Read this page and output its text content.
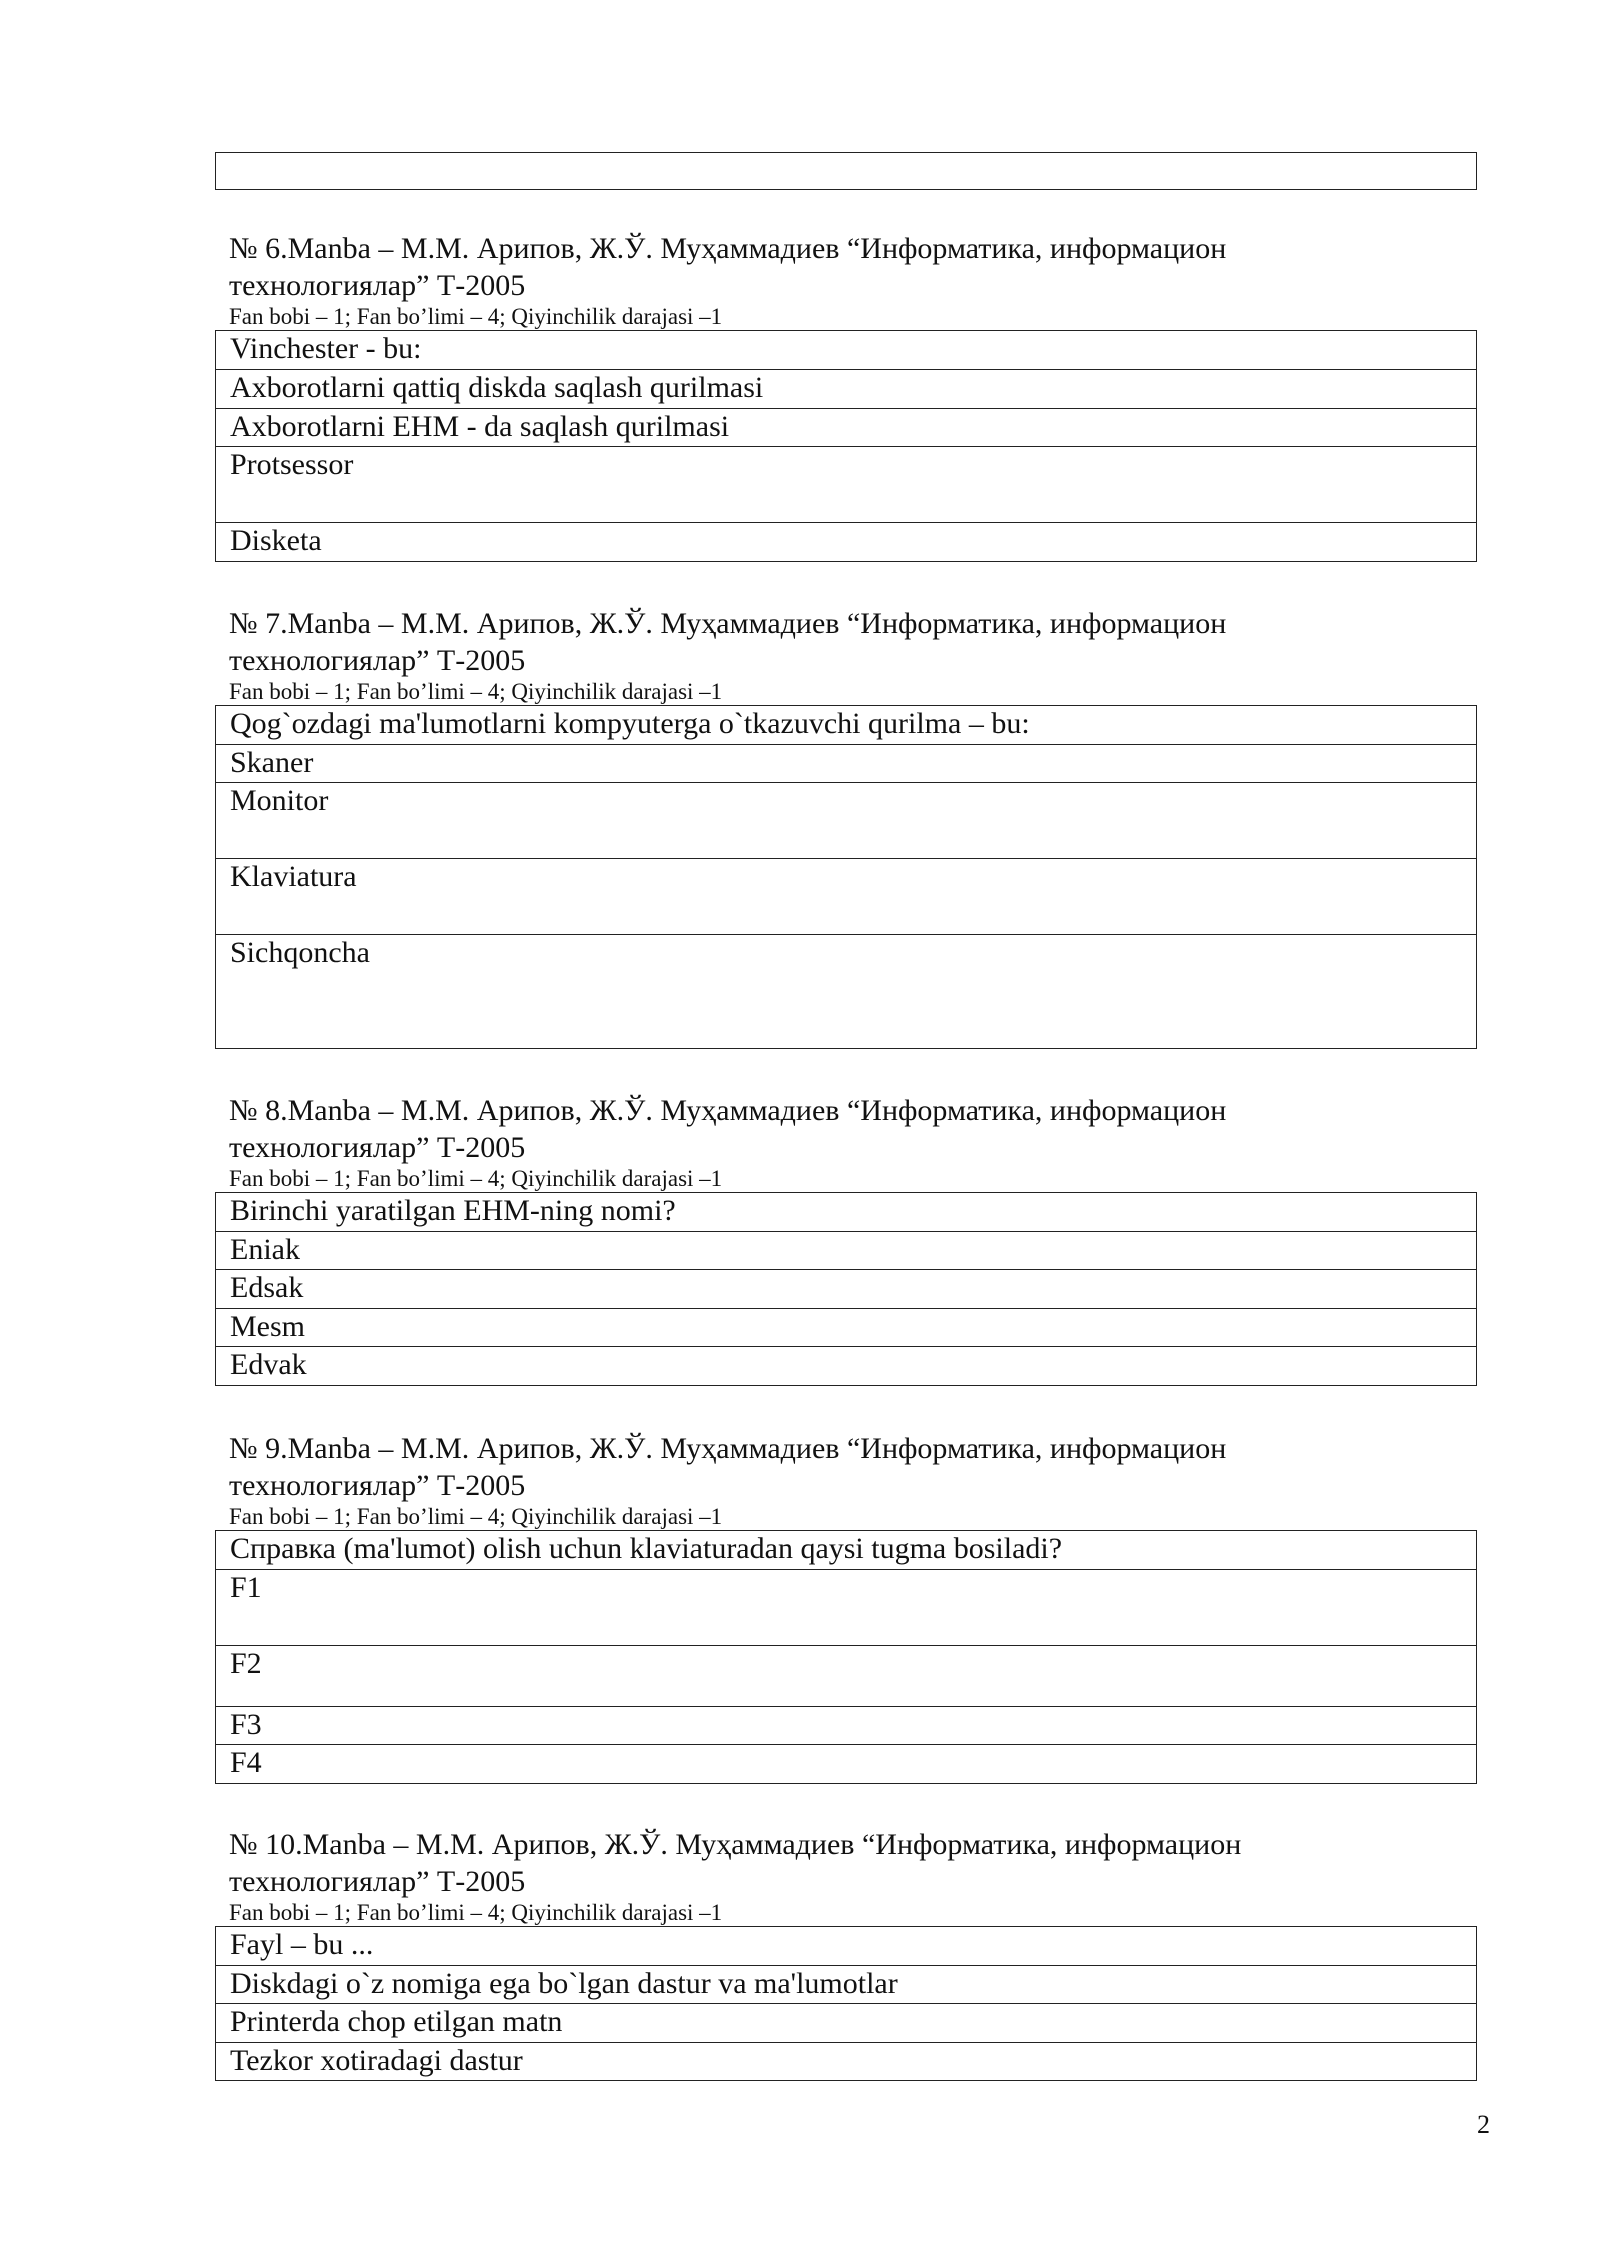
№ 6.Manba – М.М. Арипов, Ж.Ў. Муҳаммадиев “Информатика, информацион
технологиялар” Т-2005
Fan bobi – 1; Fan bo’limi – 4; Qiyinchilik darajasi –1
Vinchester - bu:
Axborotlarni qattiq diskda saqlash qurilmasi
Axborotlarni EHM - da saqlash qurilmasi
Protsessor
Disketa
№ 7.Manba – М.М. Арипов, Ж.Ў. Муҳаммадиев “Информатика, информацион
технологиялар” Т-2005
Fan bobi – 1; Fan bo’limi – 4; Qiyinchilik darajasi –1
Qog`ozdagi ma'lumotlarni kompyuterga o`tkazuvchi qurilma – bu:
Skaner
Monitor
Klaviatura
Sichqoncha
№ 8.Manba – М.М. Арипов, Ж.Ў. Муҳаммадиев “Информатика, информацион
технологиялар” Т-2005
Fan bobi – 1; Fan bo’limi – 4; Qiyinchilik darajasi –1
Birinchi yaratilgan EHM-ning nomi?
Eniak
Edsak
Mesm
Edvak
№ 9.Manba – М.М. Арипов, Ж.Ў. Муҳаммадиев “Информатика, информацион
технологиялар” Т-2005
Fan bobi – 1; Fan bo’limi – 4; Qiyinchilik darajasi –1
Справка (ma'lumot) olish uchun klaviaturadan qaysi tugma bosiladi?
F1
F2
F3
F4
№ 10.Manba – М.М. Арипов, Ж.Ў. Муҳаммадиев “Информатика, информацион
технологиялар” Т-2005
Fan bobi – 1; Fan bo’limi – 4; Qiyinchilik darajasi –1
Fayl – bu ...
Diskdagi o`z nomiga ega bo`lgan dastur va ma'lumotlar
Printerda chop etilgan matn
Tezkor xotiradagi dastur
2
